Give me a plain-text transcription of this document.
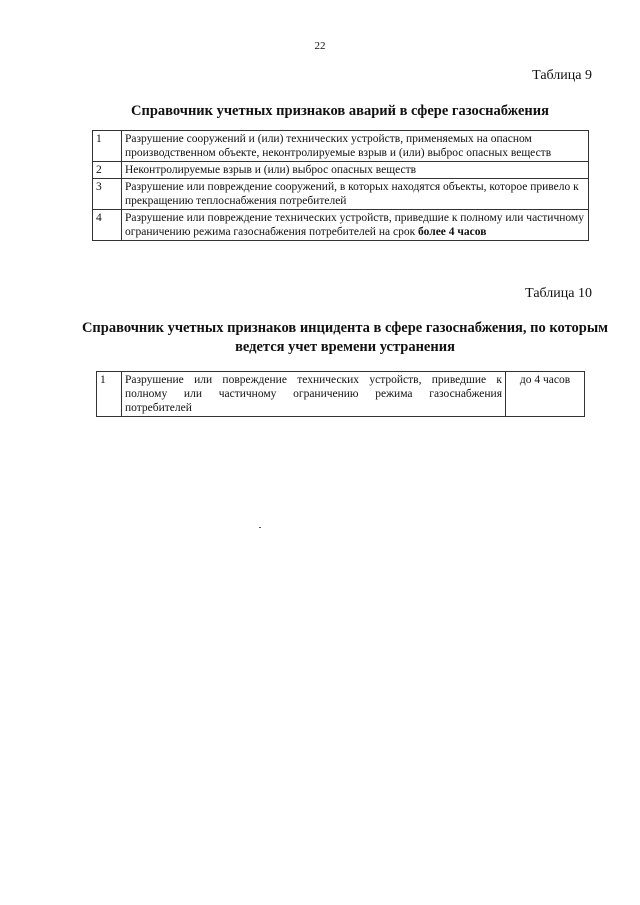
22
Таблица 9
Справочник учетных признаков аварий в сфере газоснабжения
1	Разрушение сооружений и (или) технических устройств, применяемых на опасном производственном объекте, неконтролируемые взрыв и (или) выброс опасных веществ
2	Неконтролируемые взрыв и (или) выброс опасных веществ
3	Разрушение или повреждение сооружений, в которых находятся объекты, которое привело к прекращению теплоснабжения потребителей
4	Разрушение или повреждение технических устройств, приведшие к полному или частичному ограничению режима газоснабжения потребителей на срок более 4 часов
Таблица 10
Справочник учетных признаков инцидента в сфере газоснабжения, по которым ведется учет времени устранения
1	Разрушение или повреждение технических устройств, приведшие к полному или частичному ограничению режима газоснабжения потребителей	до 4 часов
